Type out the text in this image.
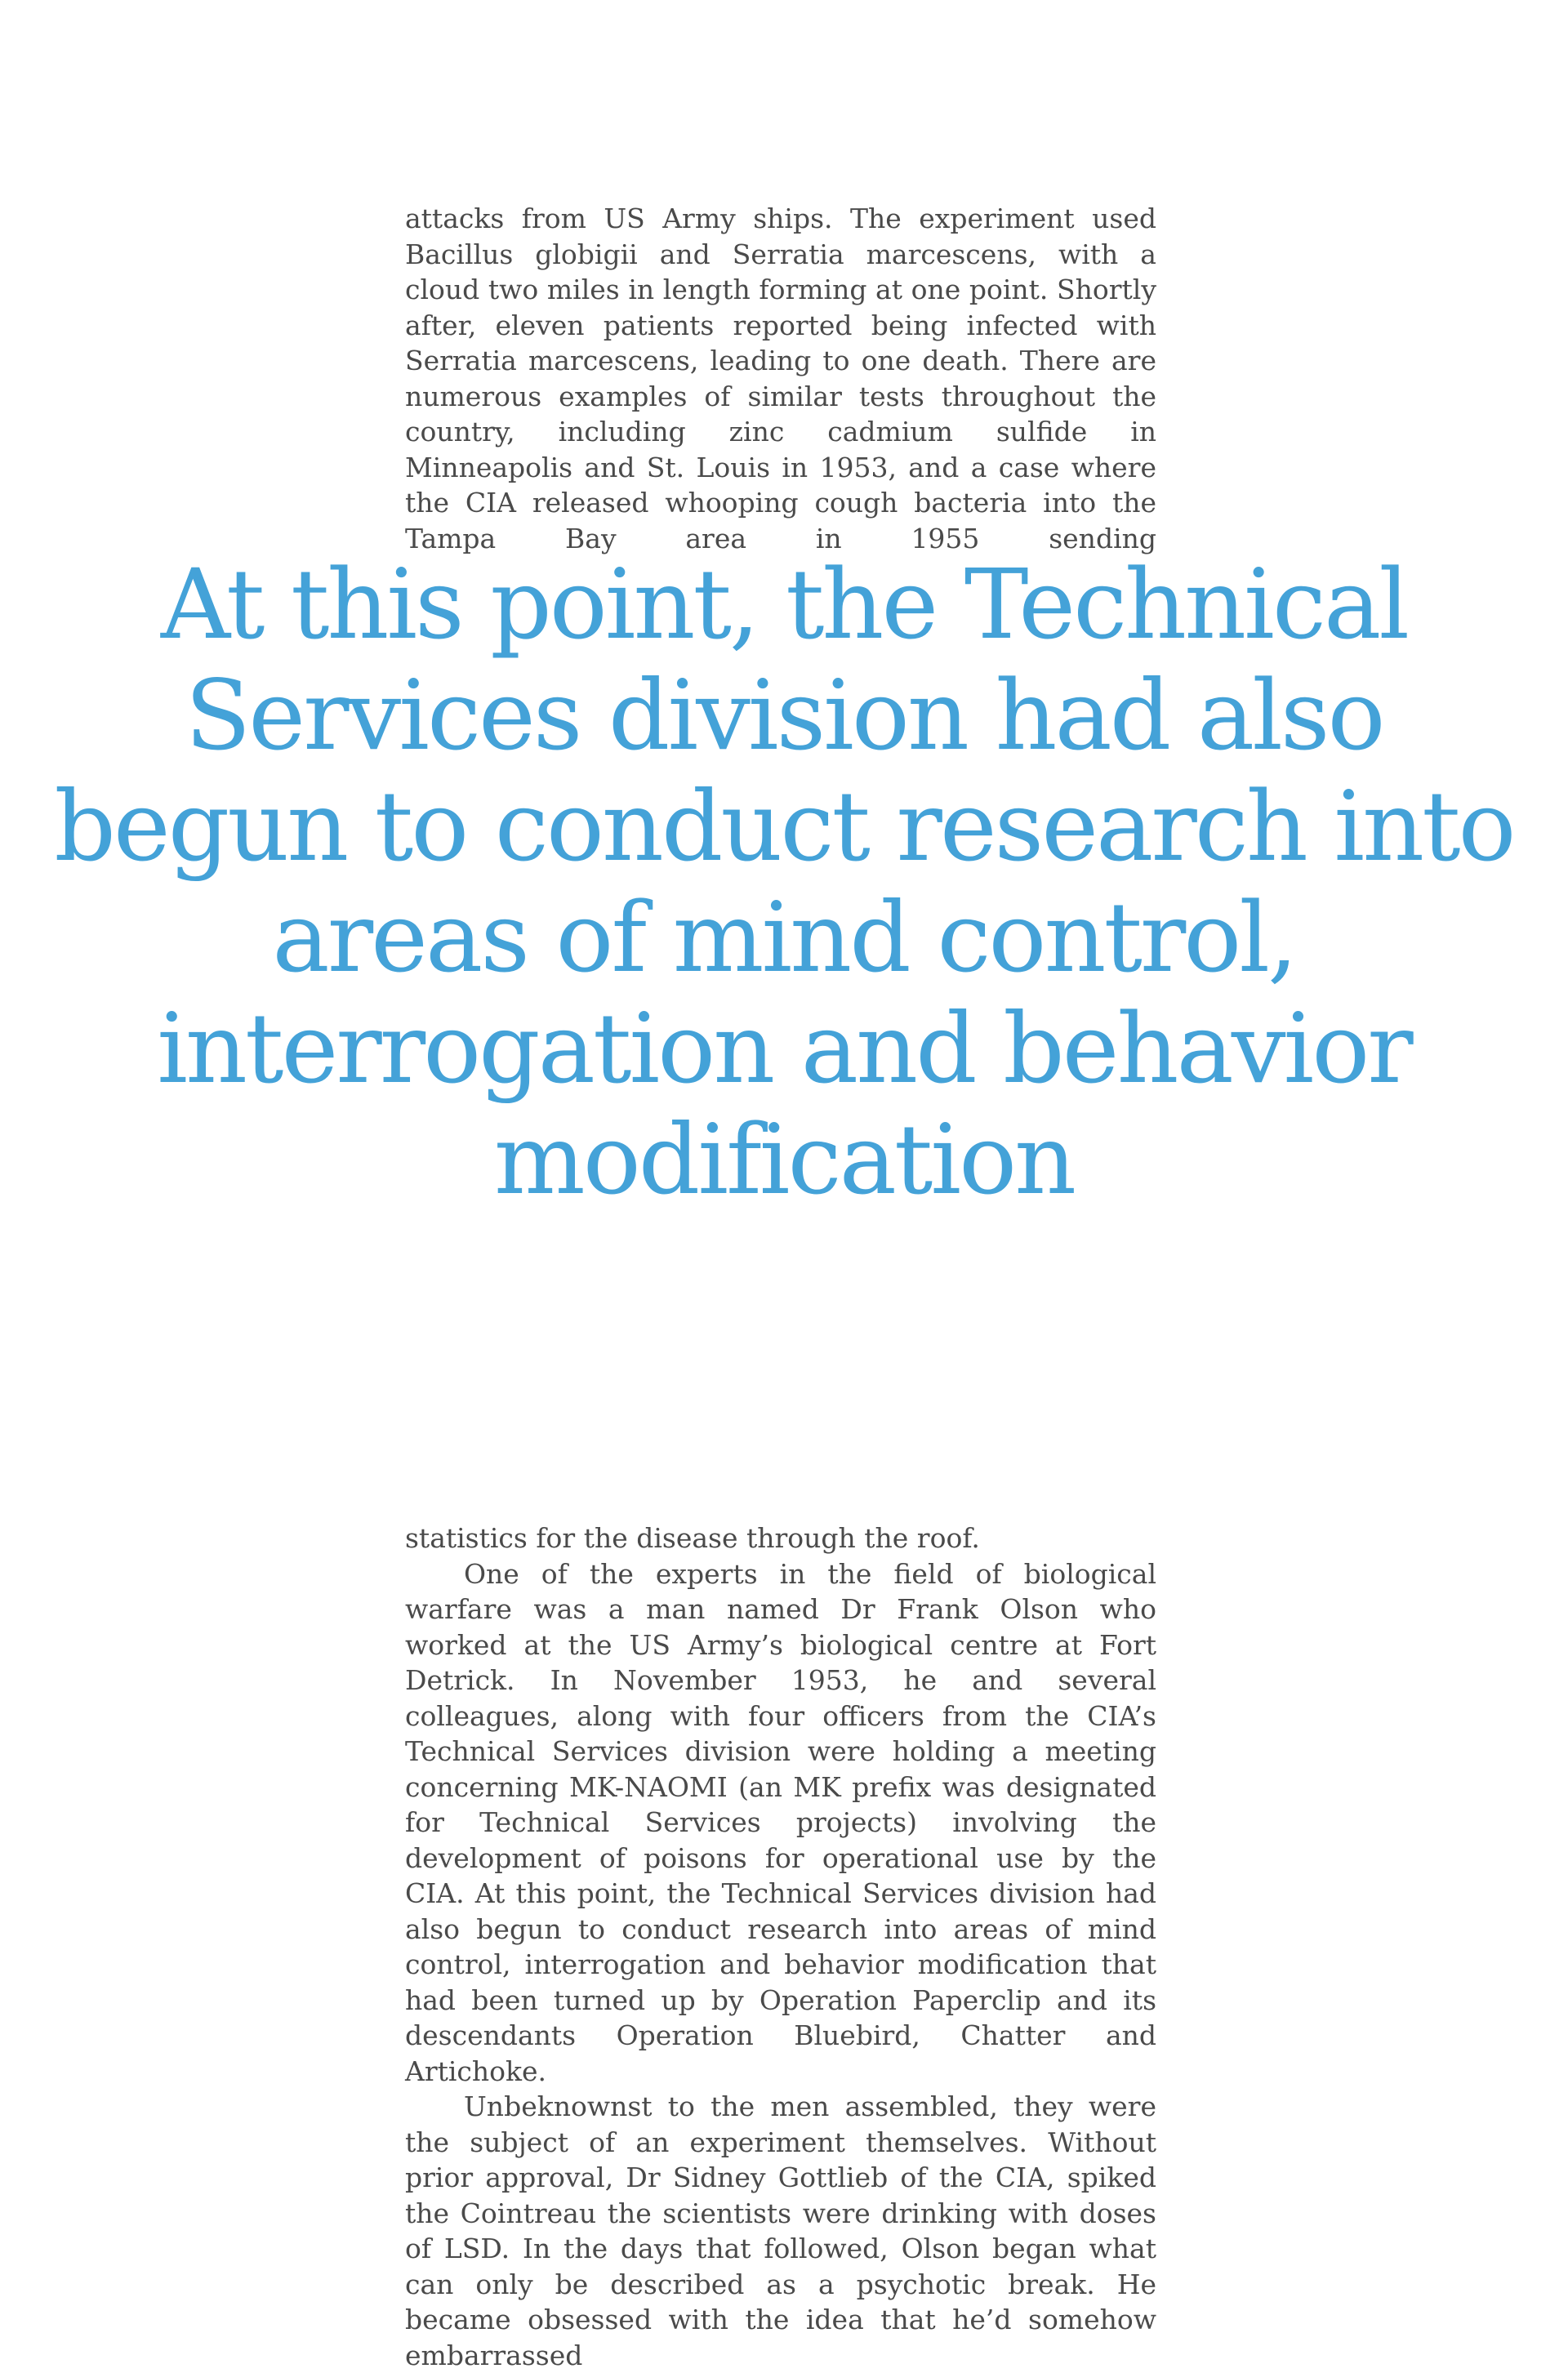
attacks from US Army ships. The experiment used Bacillus globigii and Serratia marcescens, with a cloud two miles in length forming at one point. Shortly after, eleven patients reported being infected with Serratia marcescens, leading to one death. There are numerous examples of similar tests throughout the country, including zinc cadmium sulfide in Minneapolis and St. Louis in 1953, and a case where the CIA released whooping cough bacteria into the Tampa Bay area in 1955 sending

At this point, the Technical Services division had also begun to conduct research into areas of mind control, interrogation and behavior modification

statistics for the disease through the roof.

One of the experts in the field of biological warfare was a man named Dr Frank Olson who worked at the US Army’s biological centre at Fort Detrick. In November 1953, he and several colleagues, along with four officers from the CIA’s Technical Services division were holding a meeting concerning MK-NAOMI (an MK prefix was designated for Technical Services projects) involving the development of poisons for operational use by the CIA. At this point, the Technical Services division had also begun to conduct research into areas of mind control, interrogation and behavior modification that had been turned up by Operation Paperclip and its descendants Operation Bluebird, Chatter and Artichoke.

Unbeknownst to the men assembled, they were the subject of an experiment themselves. Without prior approval, Dr Sidney Gottlieb of the CIA, spiked the Cointreau the scientists were drinking with doses of LSD. In the days that followed, Olson began what can only be described as a psychotic break. He became obsessed with the idea that he’d somehow embarrassed
